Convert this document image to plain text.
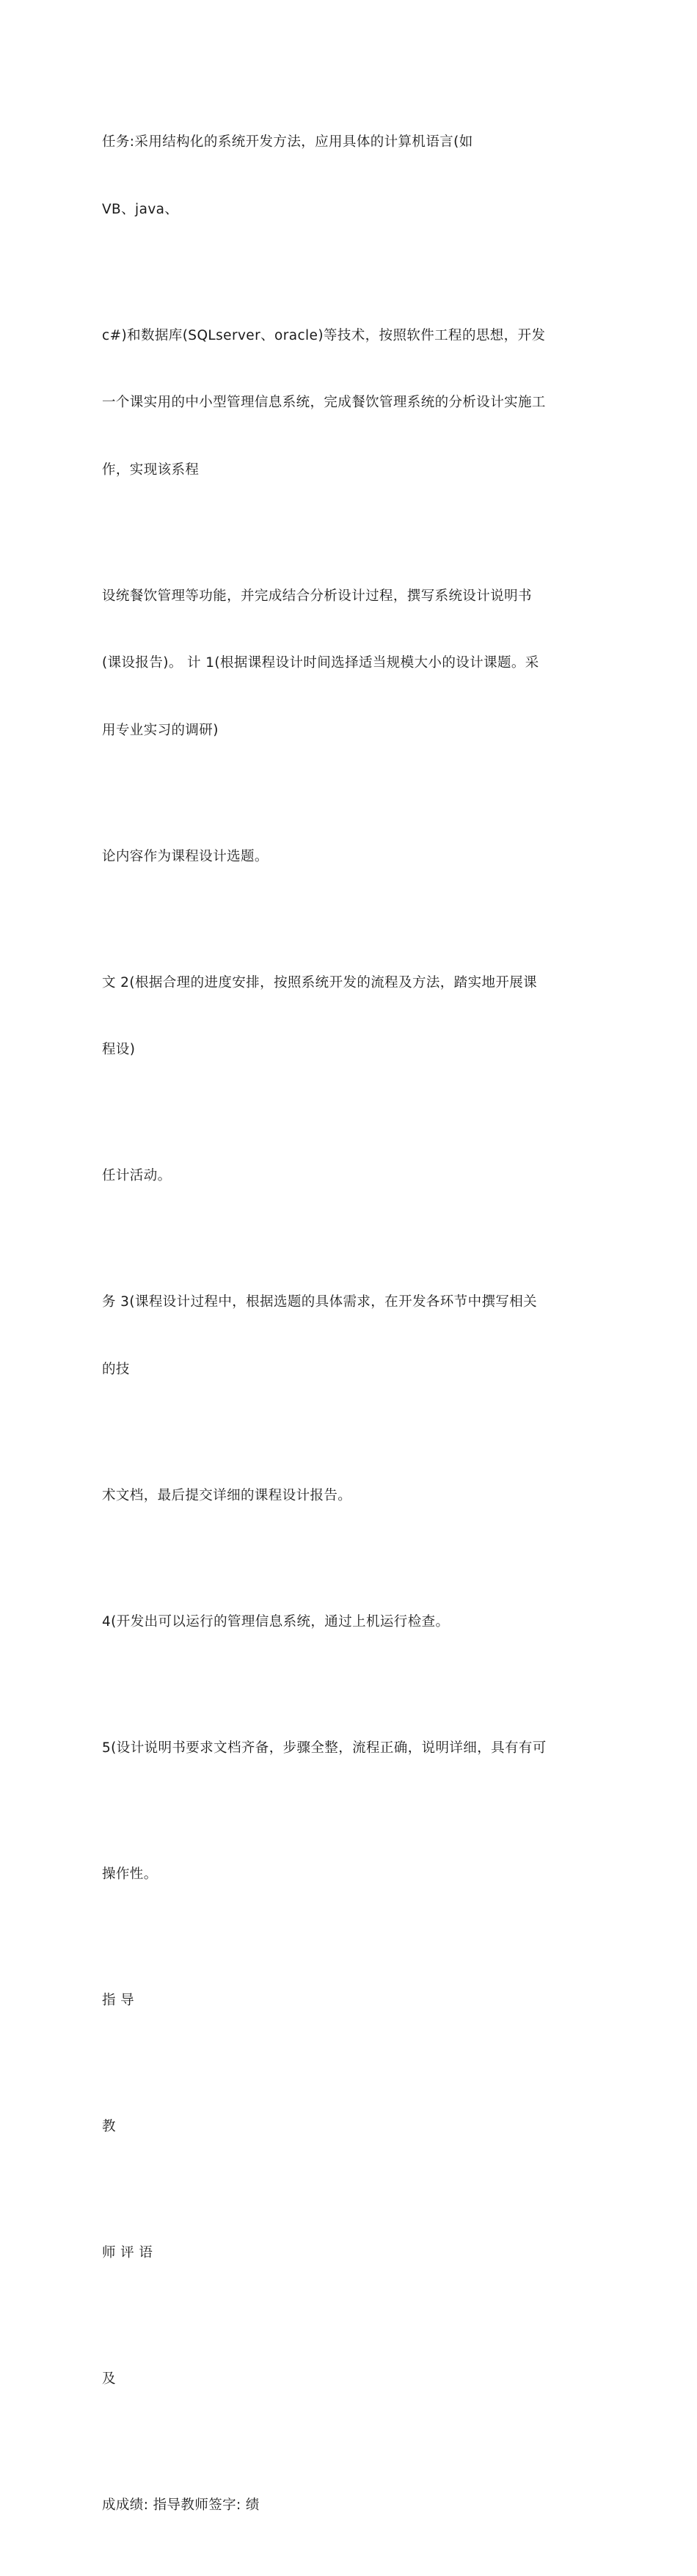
任务:采用结构化的系统开发方法，应用具体的计算机语言(如

VB、java、

c#)和数据库(SQLserver、oracle)等技术，按照软件工程的思想，开发

一个课实用的中小型管理信息系统，完成餐饮管理系统的分析设计实施工

作，实现该系程

设统餐饮管理等功能，并完成结合分析设计过程，撰写系统设计说明书

(课设报告)。 计 1(根据课程设计时间选择适当规模大小的设计课题。采

用专业实习的调研)

论内容作为课程设计选题。

文 2(根据合理的进度安排，按照系统开发的流程及方法，踏实地开展课

程设)

任计活动。

务 3(课程设计过程中，根据选题的具体需求，在开发各环节中撰写相关

的技

术文档，最后提交详细的课程设计报告。

4(开发出可以运行的管理信息系统，通过上机运行检查。

5(设计说明书要求文档齐备，步骤全整，流程正确，说明详细，具有有可

操作性。

指 导

教

师 评 语

及

成成绩: 指导教师签字: 绩
